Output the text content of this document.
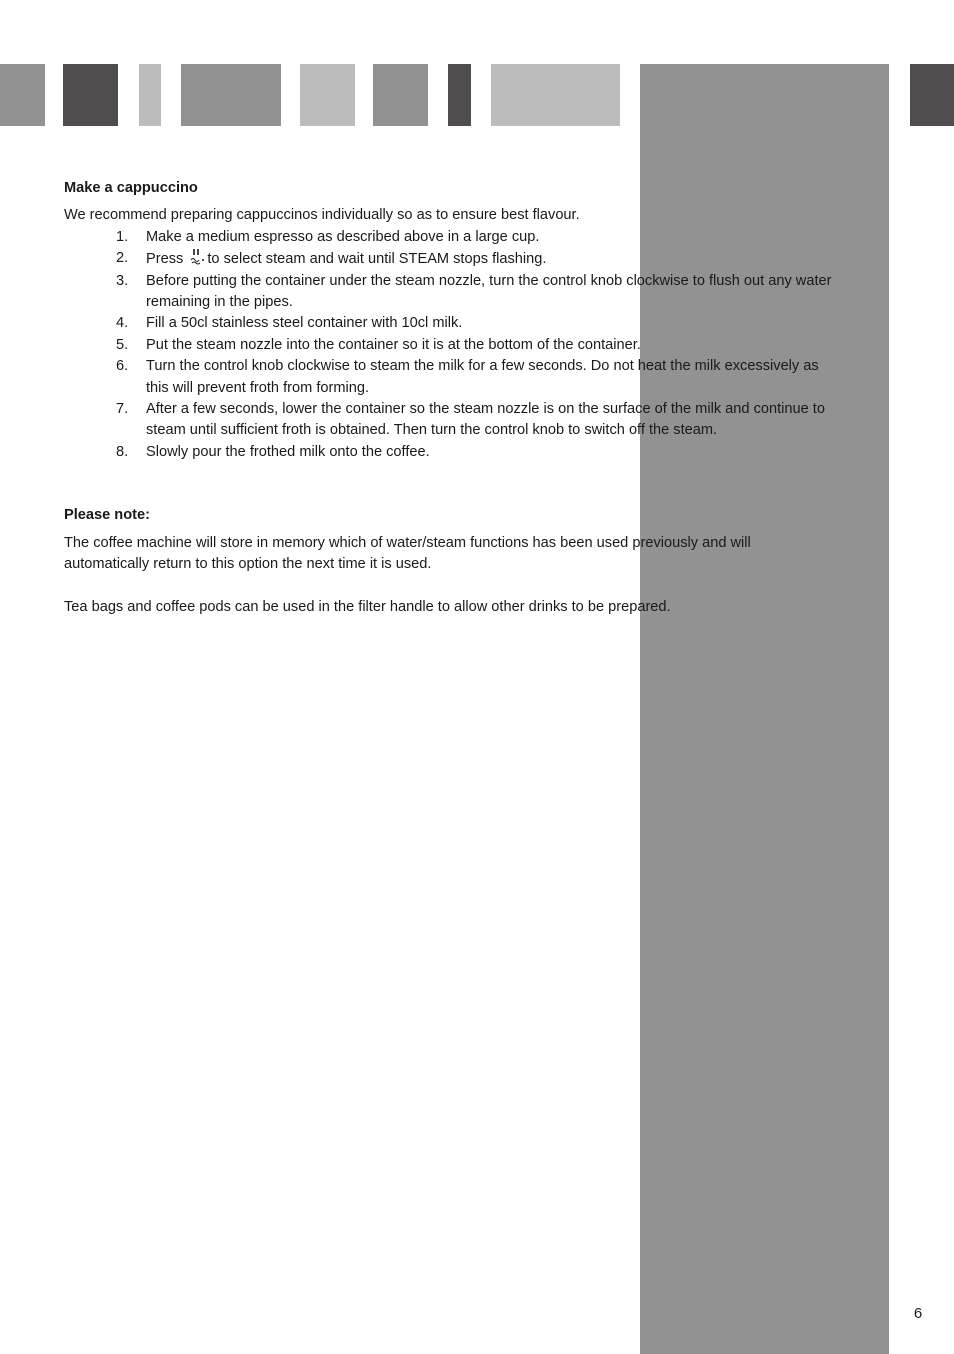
Make a cappuccino

We recommend preparing cappuccinos individually so as to ensure best flavour.

1. Make a medium espresso as described above in a large cup.
2. Press to select steam and wait until STEAM stops flashing.
3. Before putting the container under the steam nozzle, turn the control knob clockwise to flush out any water remaining in the pipes.
4. Fill a 50cl stainless steel container with 10cl milk.
5. Put the steam nozzle into the container so it is at the bottom of the container.
6. Turn the control knob clockwise to steam the milk for a few seconds. Do not heat the milk excessively as this will prevent froth from forming.
7. After a few seconds, lower the container so the steam nozzle is on the surface of the milk and continue to steam until sufficient froth is obtained. Then turn the control knob to switch off the steam.
8. Slowly pour the frothed milk onto the coffee.

Please note:

The coffee machine will store in memory which of water/steam functions has been used previously and will automatically return to this option the next time it is used.

Tea bags and coffee pods can be used in the filter handle to allow other drinks to be prepared.

6
